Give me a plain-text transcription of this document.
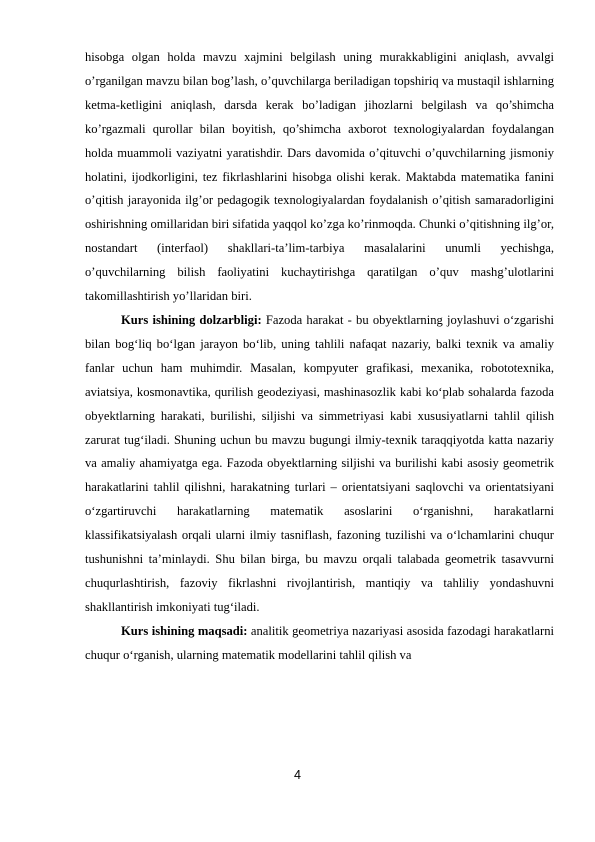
hisobga olgan holda mavzu xajmini belgilash uning murakkabligini aniqlash, avvalgi o’rganilgan mavzu bilan bog’lash, o’quvchilarga beriladigan topshiriq va mustaqil ishlarning ketma-ketligini aniqlash, darsda kerak bo’ladigan jihozlarni belgilash va qo’shimcha ko’rgazmali qurollar bilan boyitish, qo’shimcha axborot texnologiyalardan foydalangan holda muammoli vaziyatni yaratishdir. Dars davomida o’qituvchi o’quvchilarning jismoniy holatini, ijodkorligini, tez fikrlashlarini hisobga olishi kerak. Maktabda matematika fanini o’qitish jarayonida ilg’or pedagogik texnologiyalardan foydalanish o’qitish samaradorligini oshirishning omillaridan biri sifatida yaqqol ko’zga ko’rinmoqda. Chunki o’qitishning ilg’or, nostandart (interfaol) shakllari-ta’lim-tarbiya masalalarini unumli yechishga, o’quvchilarning bilish faoliyatini kuchaytirishga qaratilgan o’quv mashg’ulotlarini takomillashtirish yo’llaridan biri.

Kurs ishining dolzarbligi: Fazoda harakat - bu obyektlarning joylashuvi o‘zgarishi bilan bog‘liq bo‘lgan jarayon bo‘lib, uning tahlili nafaqat nazariy, balki texnik va amaliy fanlar uchun ham muhimdir. Masalan, kompyuter grafikasi, mexanika, robototexnika, aviatsiya, kosmonavtika, qurilish geodeziyasi, mashinasozlik kabi ko‘plab sohalarda fazoda obyektlarning harakati, burilishi, siljishi va simmetriyasi kabi xususiyatlarni tahlil qilish zarurat tug‘iladi. Shuning uchun bu mavzu bugungi ilmiy-texnik taraqqiyotda katta nazariy va amaliy ahamiyatga ega. Fazoda obyektlarning siljishi va burilishi kabi asosiy geometrik harakatlarini tahlil qilishni, harakatning turlari – orientatsiyani saqlovchi va orientatsiyani o‘zgartiruvchi harakatlarning matematik asoslarini o‘rganishni, harakatlarni klassifikatsiyalash orqali ularni ilmiy tasniflash, fazoning tuzilishi va o‘lchamlarini chuqur tushunishni ta’minlaydi. Shu bilan birga, bu mavzu orqali talabada geometrik tasavvurni chuqurlashtirish, fazoviy fikrlashni rivojlantirish, mantiqiy va tahliliy yondashuvni shakllantirish imkoniyati tug‘iladi.

Kurs ishining maqsadi: analitik geometriya nazariyasi asosida fazodagi harakatlarni chuqur o‘rganish, ularning matematik modellarini tahlil qilish va

4
